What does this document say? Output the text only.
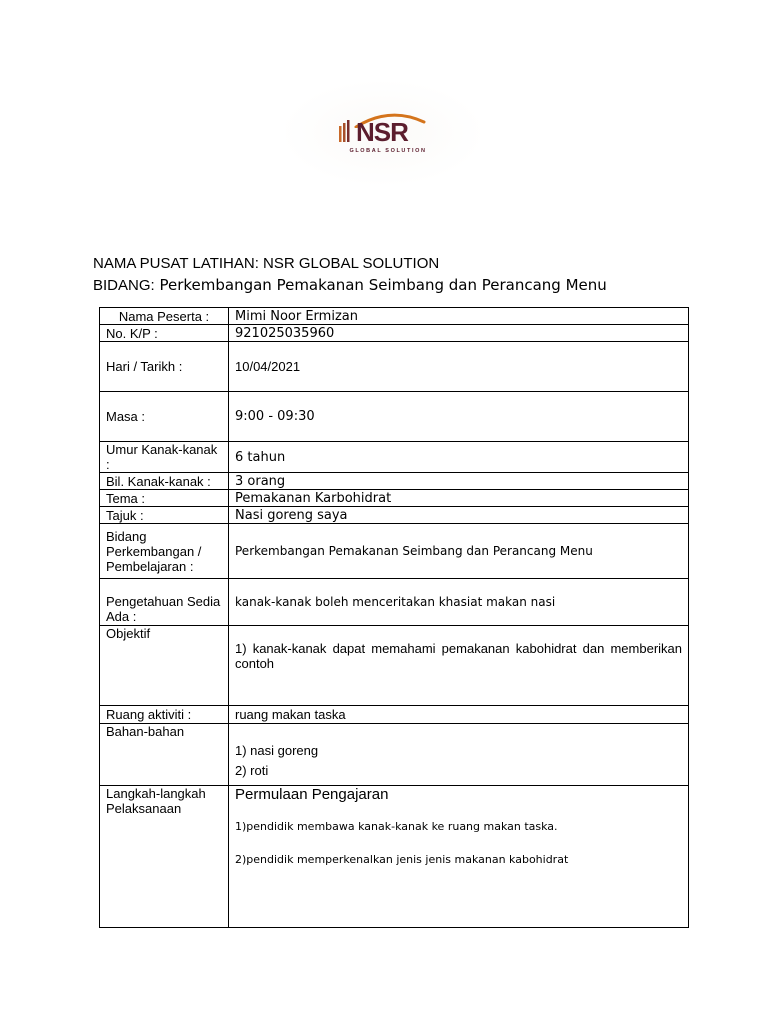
NSR
GLOBAL SOLUTION
NAMA PUSAT LATIHAN: NSR GLOBAL SOLUTION
BIDANG: Perkembangan Pemakanan Seimbang dan Perancang Menu
Nama Peserta :	Mimi Noor Ermizan
No. K/P :	921025035960
Hari / Tarikh :	10/04/2021
Masa :	9:00 - 09:30
Umur Kanak-kanak :	6 tahun
Bil. Kanak-kanak :	3 orang
Tema :	Pemakanan Karbohidrat
Tajuk :	Nasi goreng saya
Bidang Perkembangan / Pembelajaran :	Perkembangan Pemakanan Seimbang dan Perancang Menu
Pengetahuan Sedia Ada :	kanak-kanak boleh menceritakan khasiat makan nasi
Objektif	1) kanak-kanak dapat memahami pemakanan kabohidrat dan memberikan contoh
Ruang aktiviti :	ruang makan taska
Bahan-bahan	1) nasi goreng
2) roti

Langkah-langkah Pelaksanaan	Permulaan Pengajaran
1)pendidik membawa kanak-kanak ke ruang makan taska.
2)pendidik memperkenalkan jenis jenis makanan kabohidrat
